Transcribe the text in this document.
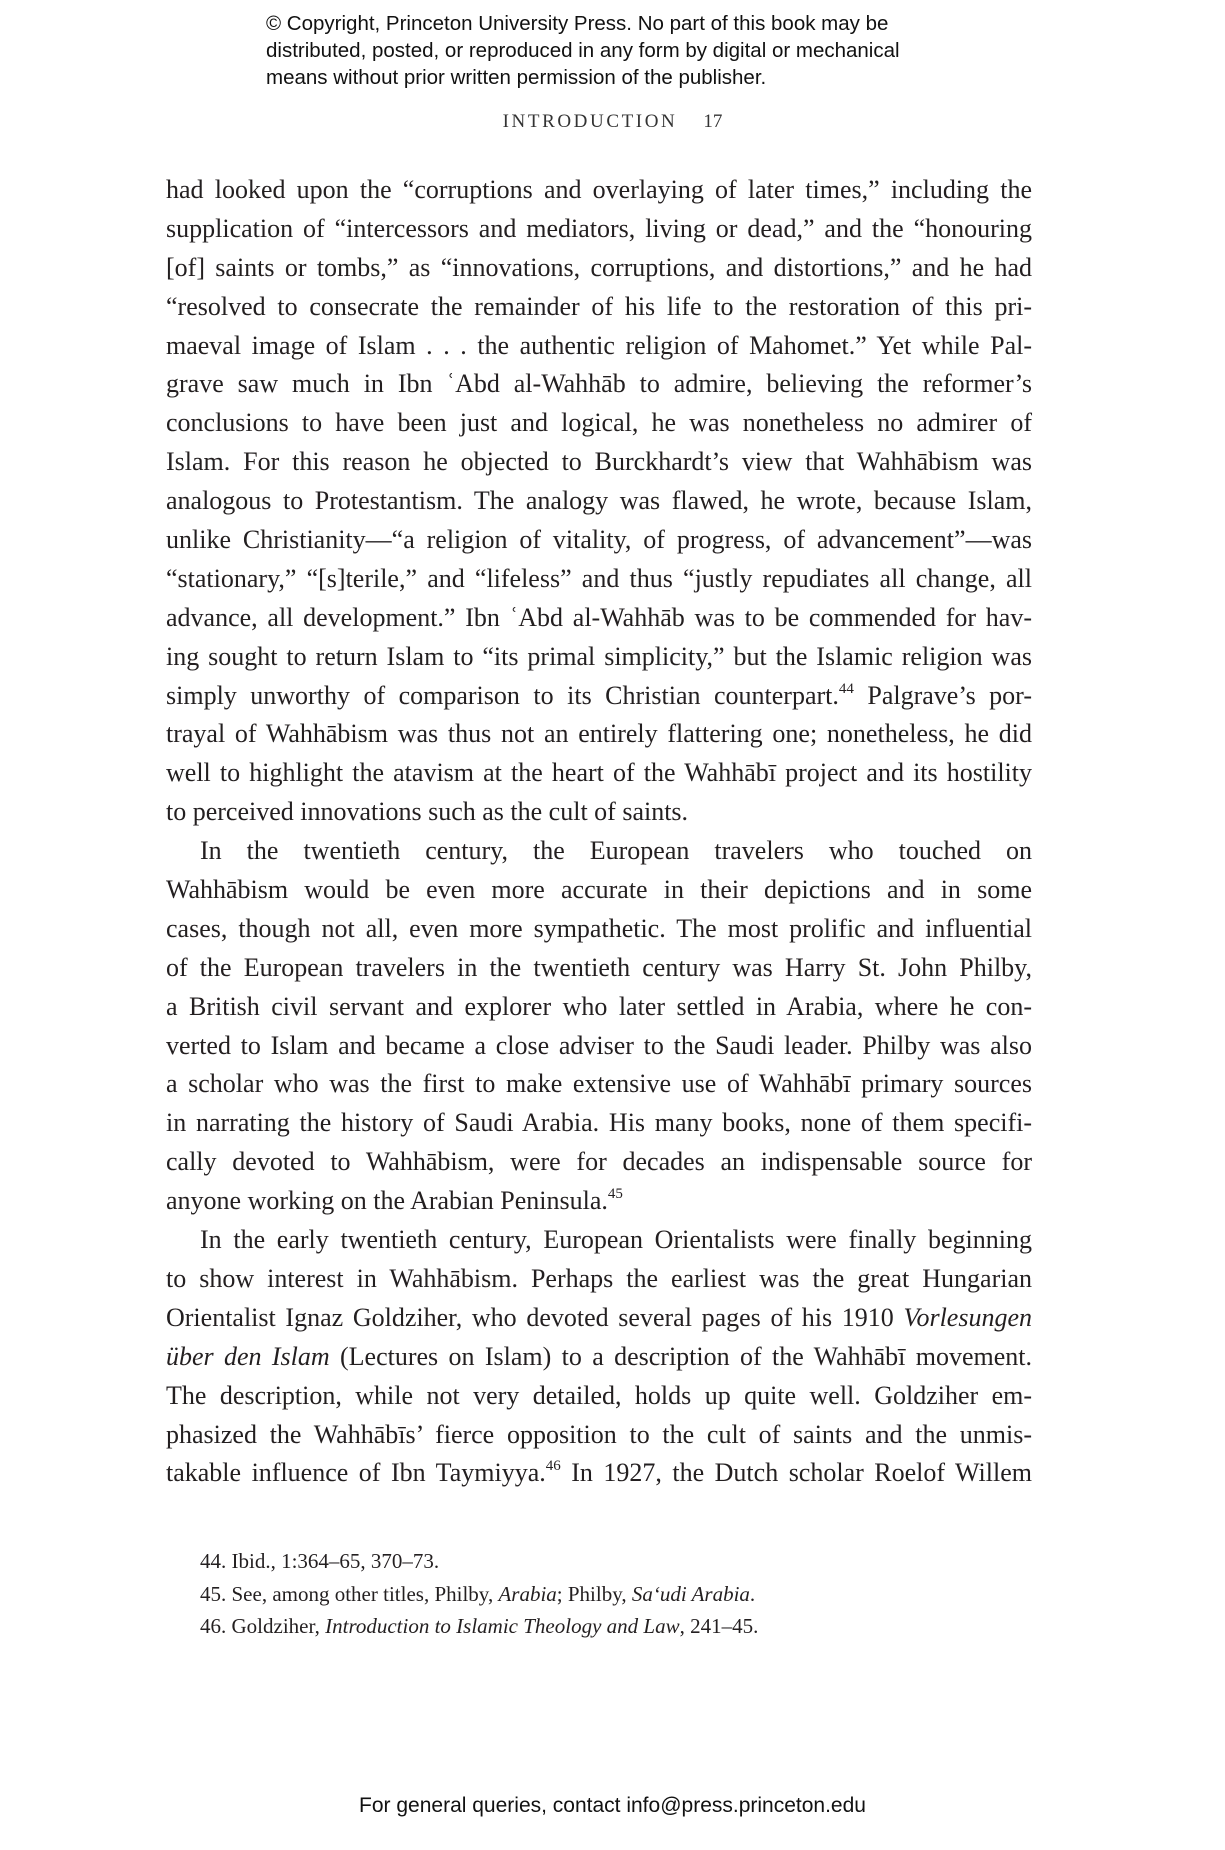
© Copyright, Princeton University Press. No part of this book may be
distributed, posted, or reproduced in any form by digital or mechanical
means without prior written permission of the publisher.
INTRODUCTION 17
had looked upon the “corruptions and overlaying of later times,” including the
supplication of “intercessors and mediators, living or dead,” and the “honouring
[of] saints or tombs,” as “innovations, corruptions, and distortions,” and he had
“resolved to consecrate the remainder of his life to the restoration of this pri-
maeval image of Islam . . . the authentic religion of Mahomet.” Yet while Pal-
grave saw much in Ibn ʿAbd al-Wahhāb to admire, believing the reformer’s
conclusions to have been just and logical, he was nonetheless no admirer of
Islam. For this reason he objected to Burckhardt’s view that Wahhābism was
analogous to Protestantism. The analogy was flawed, he wrote, because Islam,
unlike Christianity—“a religion of vitality, of progress, of advancement”—was
“stationary,” “[s]terile,” and “lifeless” and thus “justly repudiates all change, all
advance, all development.” Ibn ʿAbd al-Wahhāb was to be commended for hav-
ing sought to return Islam to “its primal simplicity,” but the Islamic religion was
simply unworthy of comparison to its Christian counterpart.$^{44}$ Palgrave’s por-
trayal of Wahhābism was thus not an entirely flattering one; nonetheless, he did
well to highlight the atavism at the heart of the Wahhābī project and its hostility
to perceived innovations such as the cult of saints.
In the twentieth century, the European travelers who touched on
Wahhābism would be even more accurate in their depictions and in some
cases, though not all, even more sympathetic. The most prolific and influential
of the European travelers in the twentieth century was Harry St. John Philby,
a British civil servant and explorer who later settled in Arabia, where he con-
verted to Islam and became a close adviser to the Saudi leader. Philby was also
a scholar who was the first to make extensive use of Wahhābī primary sources
in narrating the history of Saudi Arabia. His many books, none of them specifi-
cally devoted to Wahhābism, were for decades an indispensable source for
anyone working on the Arabian Peninsula.$^{45}$
In the early twentieth century, European Orientalists were finally beginning
to show interest in Wahhābism. Perhaps the earliest was the great Hungarian
Orientalist Ignaz Goldziher, who devoted several pages of his 1910 Vorlesungen
über den Islam (Lectures on Islam) to a description of the Wahhābī movement.
The description, while not very detailed, holds up quite well. Goldziher em-
phasized the Wahhābīs’ fierce opposition to the cult of saints and the unmis-
takable influence of Ibn Taymiyya.$^{46}$ In 1927, the Dutch scholar Roelof Willem
44. Ibid., 1:364–65, 370–73.
45. See, among other titles, Philby, Arabia; Philby, Sa‘udi Arabia.
46. Goldziher, Introduction to Islamic Theology and Law, 241–45.
For general queries, contact info@press.princeton.edu
